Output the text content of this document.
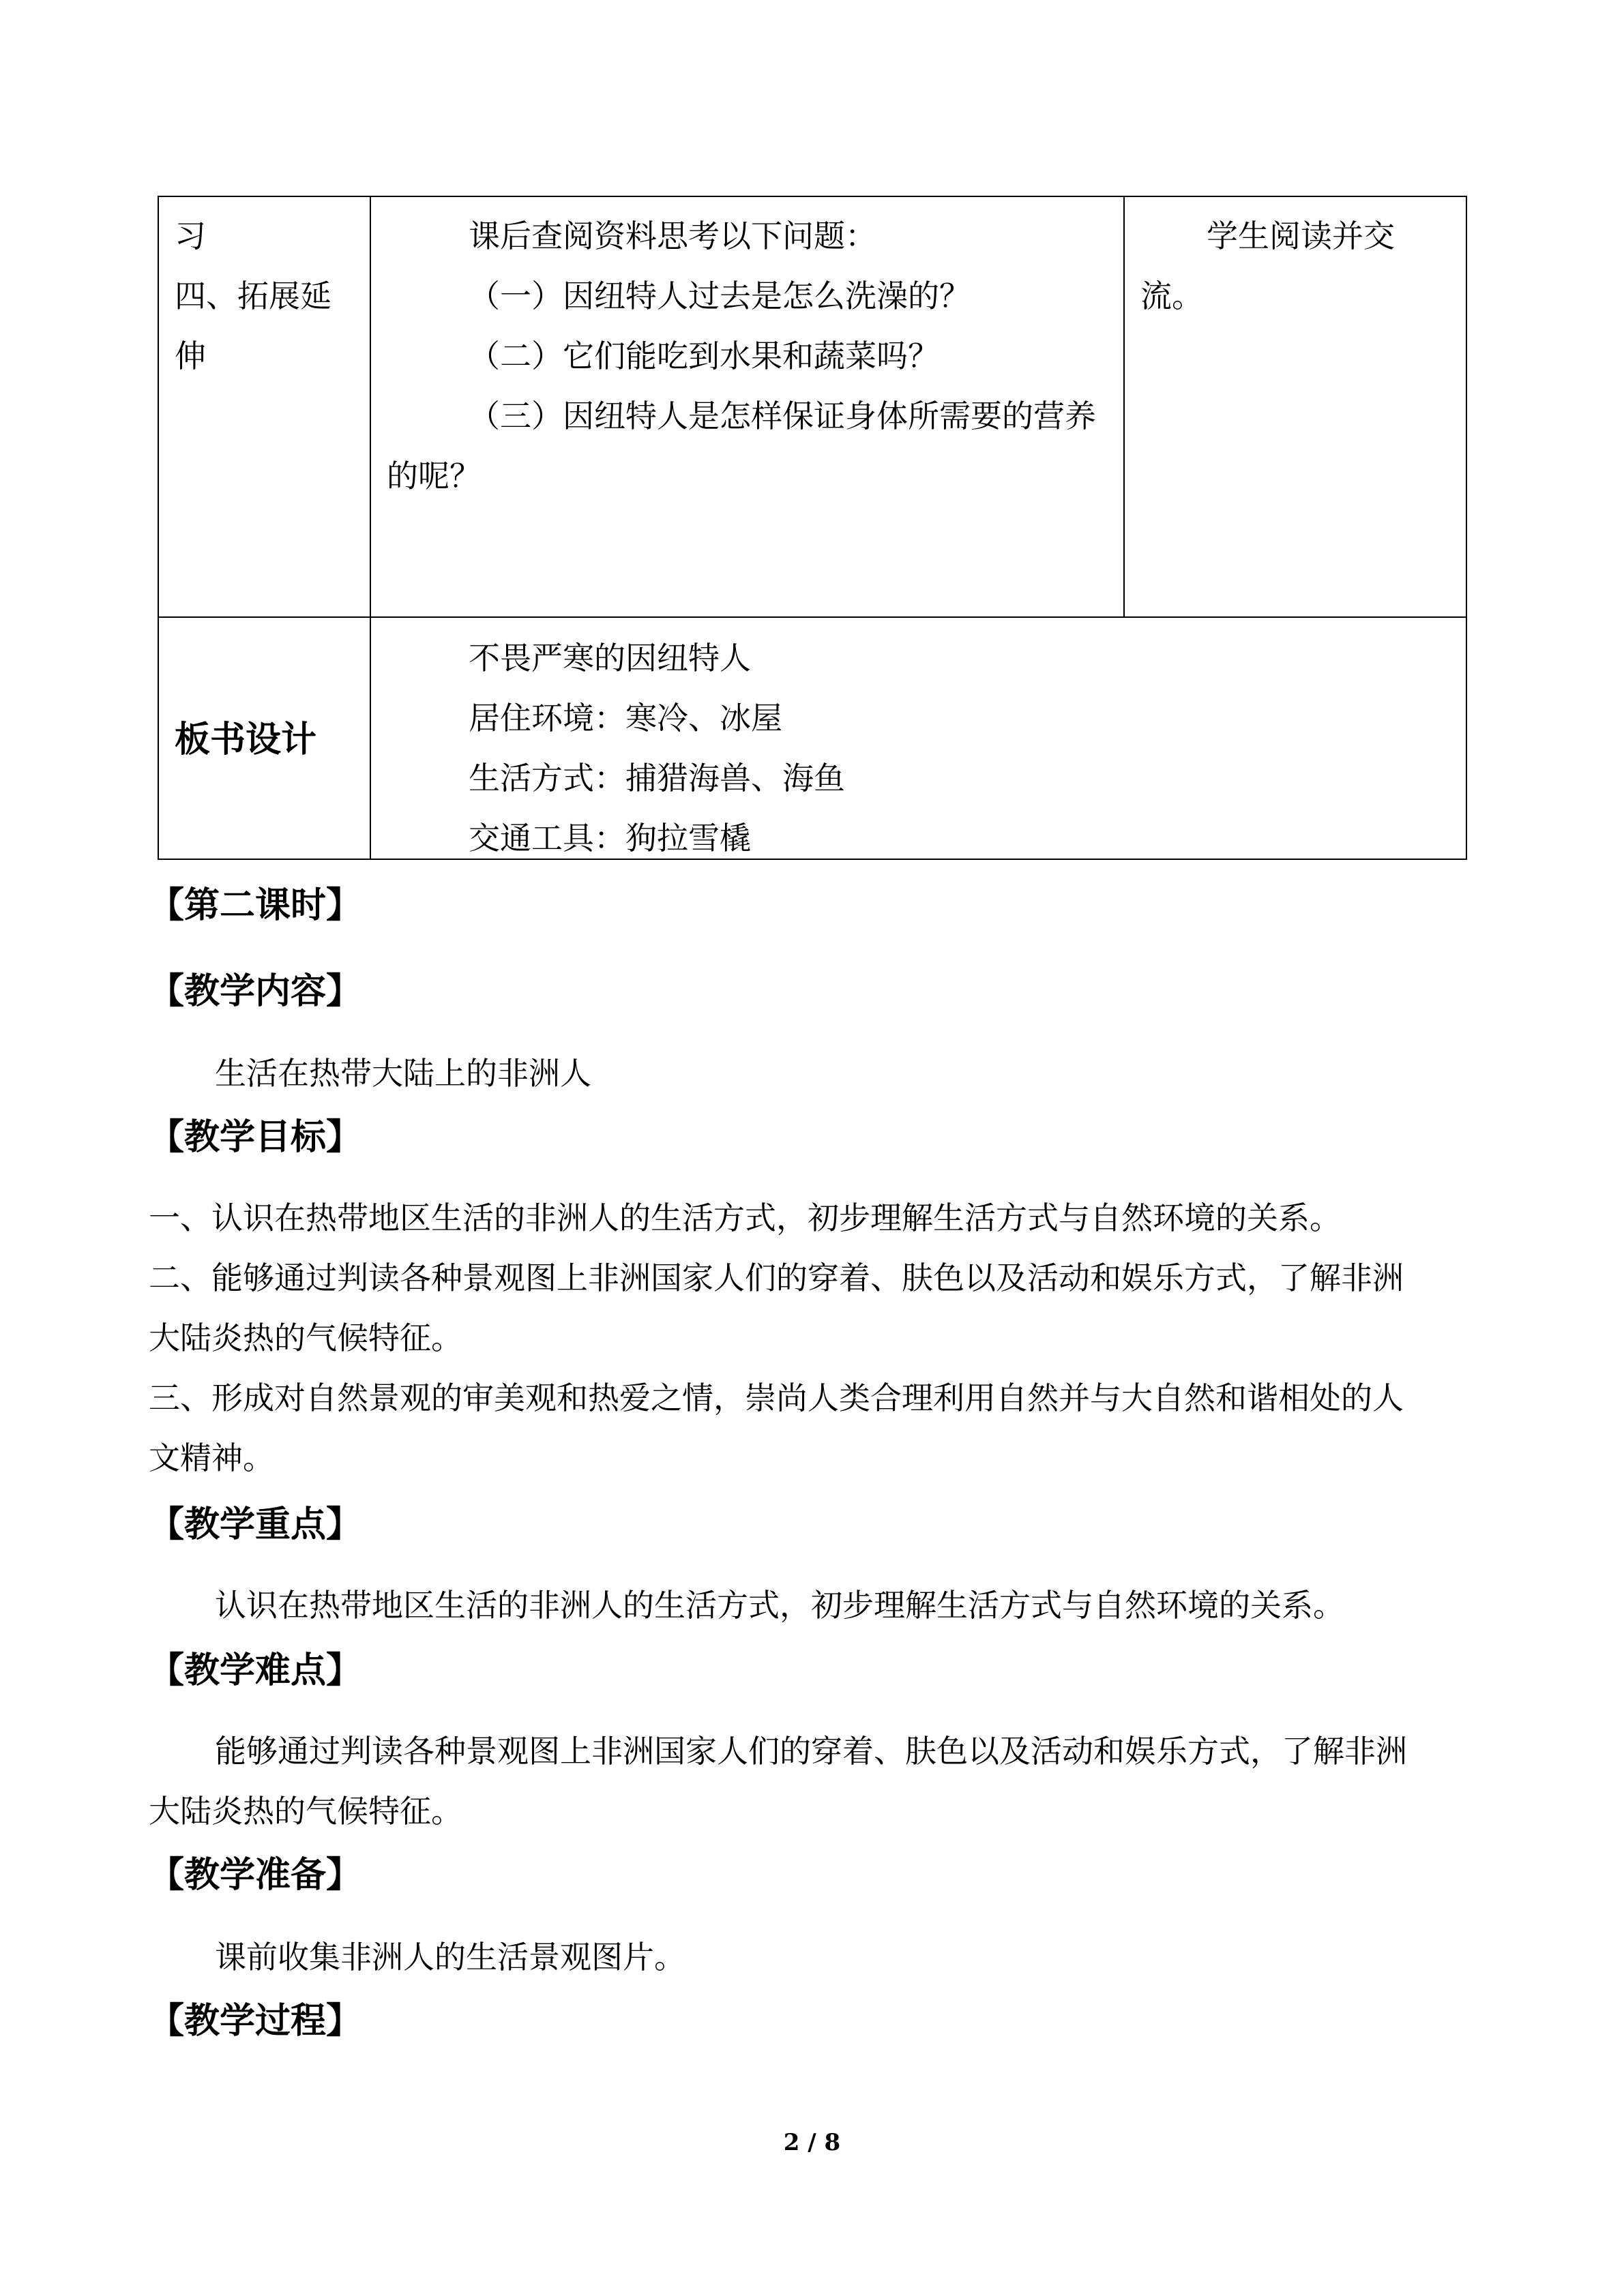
习
四、拓展延
伸
课后查阅资料思考以下问题：
（一）因纽特人过去是怎么洗澡的？
（二）它们能吃到水果和蔬菜吗？
（三）因纽特人是怎样保证身体所需要的营养
的呢？
学生阅读并交
流。
板书设计
不畏严寒的因纽特人
居住环境：寒冷、冰屋
生活方式：捕猎海兽、海鱼
交通工具：狗拉雪橇
【第二课时】
【教学内容】
生活在热带大陆上的非洲人
【教学目标】
一、认识在热带地区生活的非洲人的生活方式，初步理解生活方式与自然环境的关系。
二、能够通过判读各种景观图上非洲国家人们的穿着、肤色以及活动和娱乐方式，了解非洲
大陆炎热的气候特征。
三、形成对自然景观的审美观和热爱之情，崇尚人类合理利用自然并与大自然和谐相处的人
文精神。
【教学重点】
认识在热带地区生活的非洲人的生活方式，初步理解生活方式与自然环境的关系。
【教学难点】
能够通过判读各种景观图上非洲国家人们的穿着、肤色以及活动和娱乐方式，了解非洲
大陆炎热的气候特征。
【教学准备】
课前收集非洲人的生活景观图片。
【教学过程】
2 / 8
